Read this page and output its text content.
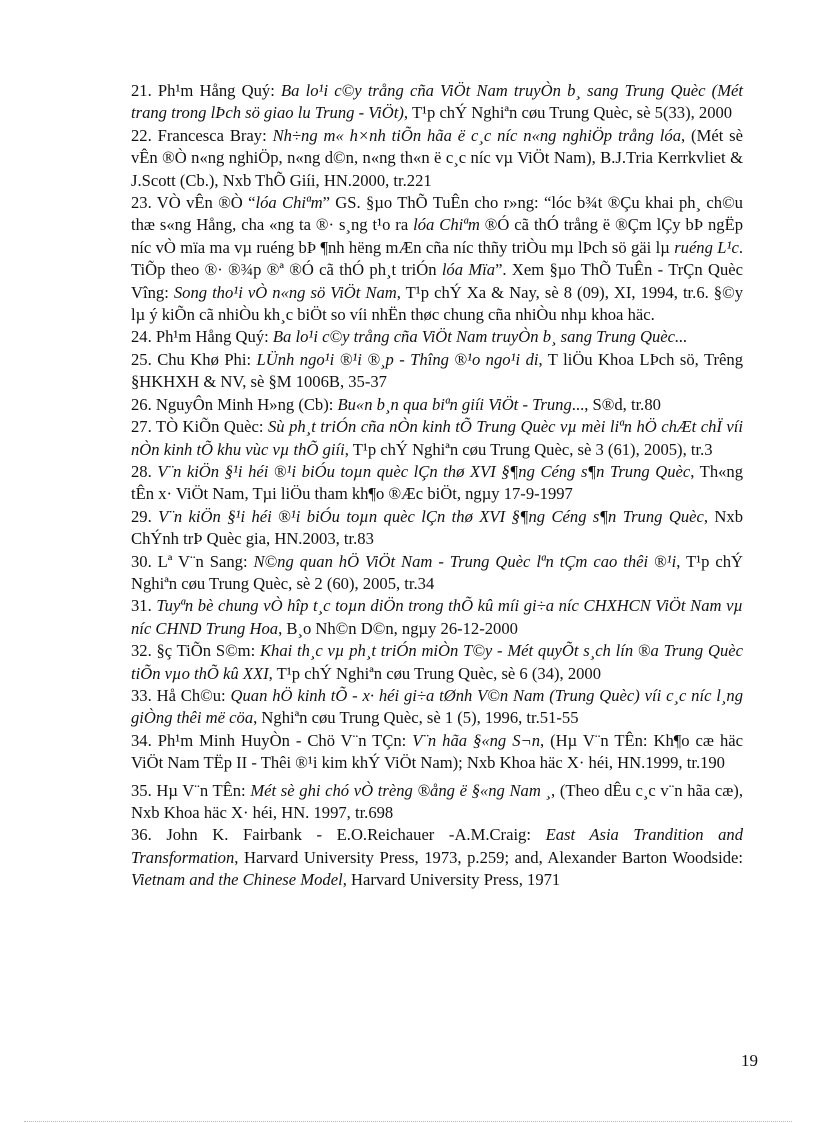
21. Ph¹m Hång Quý: Ba lo¹i c©y trång cña ViÖt Nam truyÒn b¸ sang Trung Quèc (Mét trang trong lÞch sö giao lu Trung - ViÖt), T¹p chÝ Nghiªn cøu Trung Quèc, sè 5(33), 2000

22. Francesca Bray: Nh÷ng m« h×nh tiÕn hãa ë c¸c níc n«ng nghiÖp trång lóa, (Mét sè vÊn ®Ò n«ng nghiÖp, n«ng d©n, n«ng th«n ë c¸c níc vµ ViÖt Nam), B.J.Tria Kerrkvliet & J.Scott (Cb.), Nxb ThÕ Giíi, HN.2000, tr.221

23. VÒ vÊn ®Ò “lóa Chiªm” GS. §µo ThÕ TuÊn cho r»ng: “lóc b¾t ®Çu khai ph¸ ch©u thæ s«ng Hång, cha «ng ta ®· s¸ng t¹o ra lóa Chiªm ®Ó cã thÓ trång ë ®Çm lÇy bÞ ngËp níc vÒ mïa ma vµ ruéng bÞ ¶nh hëng mÆn cña níc thñy triÒu mµ lÞch sö gäi lµ ruéng L¹c. TiÕp theo ®· ®¾p ®ª ®Ó cã thÓ ph¸t triÓn lóa Mïa”. Xem §µo ThÕ TuÊn - TrÇn Quèc Vîng: Song tho¹i vÒ n«ng sö ViÖt Nam, T¹p chÝ Xa & Nay, sè 8 (09), XI, 1994, tr.6. §©y lµ ý kiÕn cã nhiÒu kh¸c biÖt so víi nhËn thøc chung cña nhiÒu nhµ khoa häc.

24. Ph¹m Hång Quý: Ba lo¹i c©y trång cña ViÖt Nam truyÒn b¸ sang Trung Quèc...

25. Chu Khø Phi: LÜnh ngo¹i ®¹i ®¸p - Thîng ®¹o ngo¹i di, T liÖu Khoa LÞch sö, Trêng §HKHXH & NV, sè §M 1006B, 35-37

26. NguyÔn Minh H»ng (Cb): Bu«n b¸n qua biªn giíi ViÖt - Trung..., S®d, tr.80

27. TÒ KiÕn Quèc: Sù ph¸t triÓn cña nÒn kinh tÕ Trung Quèc vµ mèi liªn hÖ chÆt chÏ víi nÒn kinh tÕ khu vùc vµ thÕ giíi, T¹p chÝ Nghiªn cøu Trung Quèc, sè 3 (61), 2005), tr.3

28. V¨n kiÖn §¹i héi ®¹i biÓu toµn quèc lÇn thø XVI §¶ng Céng s¶n Trung Quèc, Th«ng tÊn x· ViÖt Nam, Tµi liÖu tham kh¶o ®Æc biÖt, ngµy 17-9-1997

29. V¨n kiÖn §¹i héi ®¹i biÓu toµn quèc lÇn thø XVI §¶ng Céng s¶n Trung Quèc, Nxb ChÝnh trÞ Quèc gia, HN.2003, tr.83

30. Lª V¨n Sang: N©ng quan hÖ ViÖt Nam - Trung Quèc lªn tÇm cao thêi ®¹i, T¹p chÝ Nghiªn cøu Trung Quèc, sè 2 (60), 2005, tr.34

31. Tuyªn bè chung vÒ hîp t¸c toµn diÖn trong thÕ kû míi gi÷a níc CHXHCN ViÖt Nam vµ níc CHND Trung Hoa, B¸o Nh©n D©n, ngµy 26-12-2000

32. §ç TiÕn S©m: Khai th¸c vµ ph¸t triÓn miÒn T©y - Mét quyÕt s¸ch lín ®a Trung Quèc tiÕn vµo thÕ kû XXI, T¹p chÝ Nghiªn cøu Trung Quèc, sè 6 (34), 2000

33. Hå Ch©u: Quan hÖ kinh tÕ - x· héi gi÷a tØnh V©n Nam (Trung Quèc) víi c¸c níc l¸ng giÒng thêi më cöa, Nghiªn cøu Trung Quèc, sè 1 (5), 1996, tr.51-55

34. Ph¹m Minh HuyÒn - Chö V¨n TÇn: V¨n hãa §«ng S¬n, (Hµ V¨n TÊn: Kh¶o cæ häc ViÖt Nam TËp II - Thêi ®¹i kim khÝ ViÖt Nam); Nxb Khoa häc X· héi, HN.1999, tr.190

35. Hµ V¨n TÊn: Mét sè ghi chó vÒ trèng ®ång ë §«ng Nam ¸, (Theo dÊu c¸c v¨n hãa cæ), Nxb Khoa häc X· héi, HN. 1997, tr.698

36. John K. Fairbank - E.O.Reichauer -A.M.Craig: East Asia Trandition and Transformation, Harvard University Press, 1973, p.259; and, Alexander Barton Woodside: Vietnam and the Chinese Model, Harvard University Press, 1971

19
